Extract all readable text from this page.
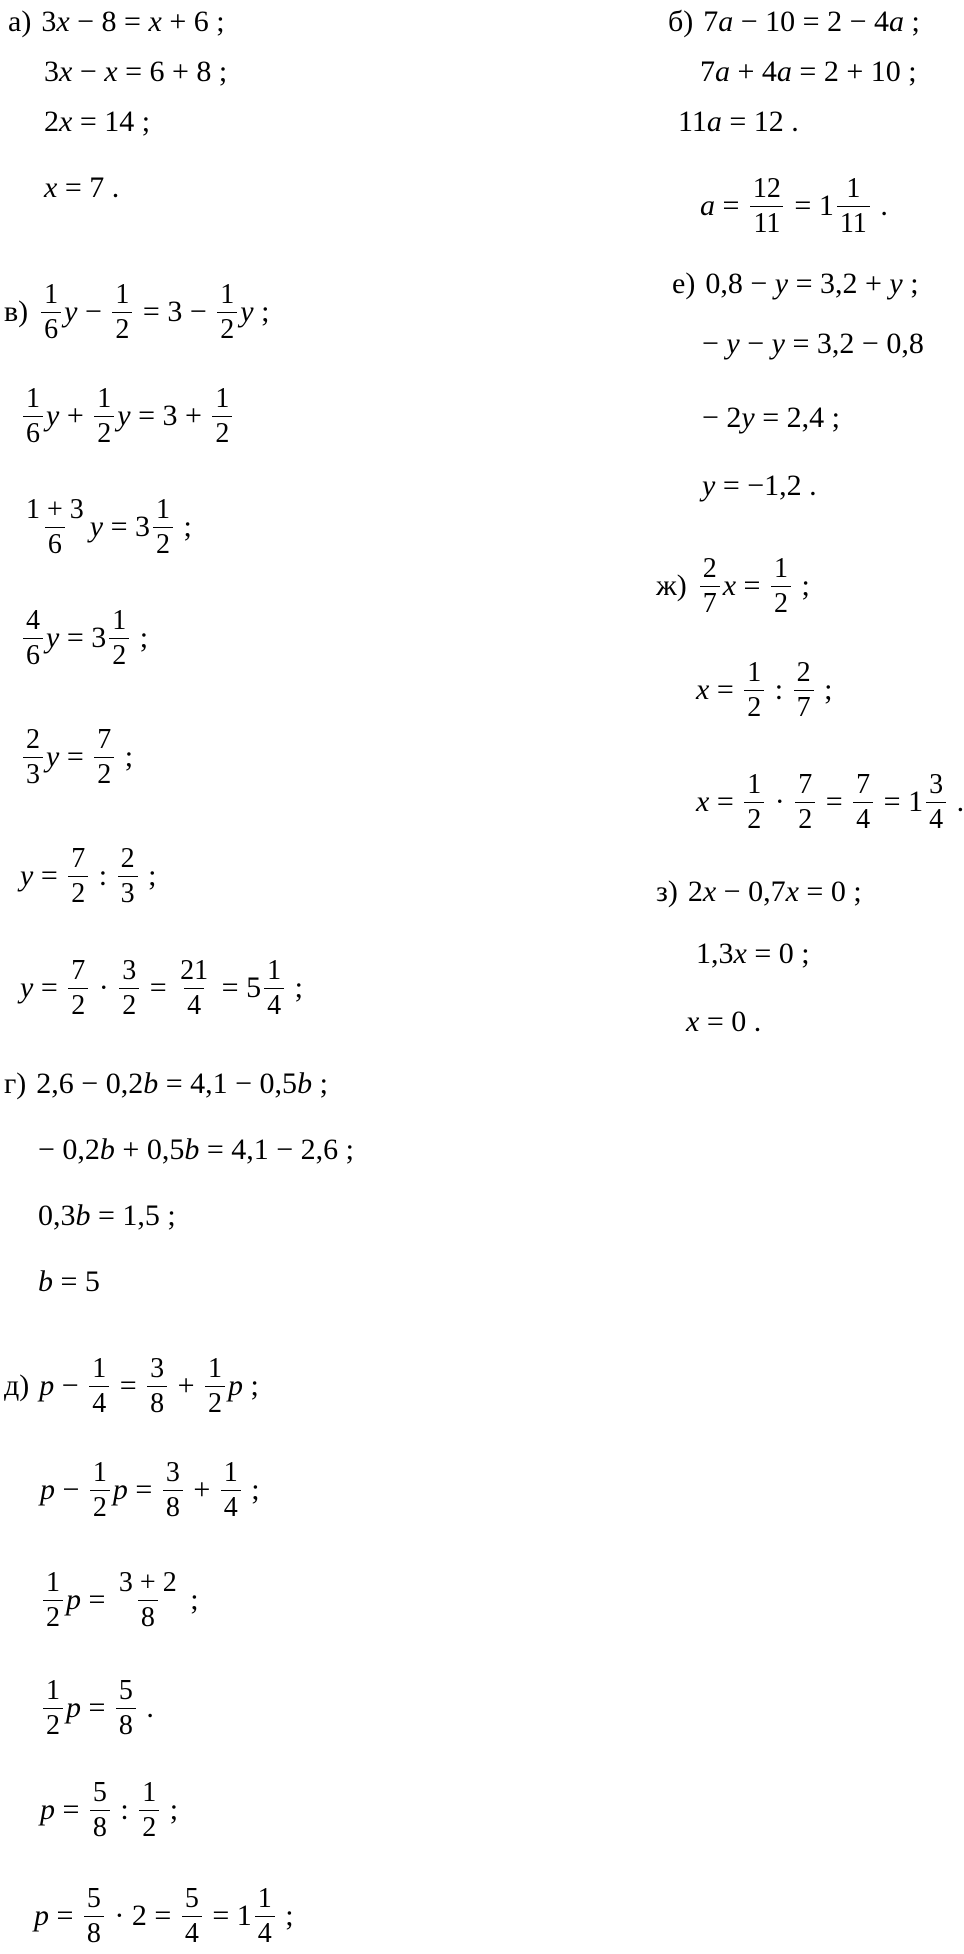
а) 3 x − 8 = x + 6 ;
3 x − x = 6 + 8 ;
2 x = 14 ;
x = 7 .
б) 7 a − 10 = 2 − 4 a ;
7 a + 4 a = 2 + 10 ;
11 a = 12 .
$a = \frac{12}{11} = 1 \frac{1}{11}$ .
$в) \frac{1}{6}$ $y - \frac{1}{2} = 3 - \frac{1}{2}$ y ;
$\frac{1}{6}$ $y + \frac{1}{2}$ $y = 3 + \frac{1}{2}$
$\frac{1 + 3}{6}$ $y = 3 \frac{1}{2}$ ;
$\frac{4}{6}$ $y = 3 \frac{1}{2}$ ;
$\frac{2}{3}$ $y = \frac{7}{2}$ ;
$y = \frac{7}{2}$ : $\frac{2}{3}$ ;
$y = \frac{7}{2} \cdot \frac{3}{2} = \frac{21}{4} = 5 \frac{1}{4}$ ;
е) 0,8 − y = 3,2 + y ;
− y − y = 3,2 − 0,8
− 2 y = 2,4 ;
y = −1,2 .
$ж) \frac{2}{7}$ $x = \frac{1}{2}$ ;
$x = \frac{1}{2}$ : $\frac{2}{7}$ ;
$x = \frac{1}{2} \cdot \frac{7}{2} = \frac{7}{4} = 1 \frac{3}{4}$ .
з) 2 x − 0,7 x = 0 ;
1,3 x = 0 ;
x = 0 .
г) 2,6 − 0,2 b = 4,1 − 0,5 b ;
− 0,2 b + 0,5 b = 4,1 − 2,6 ;
0,3 b = 1,5 ;
b = 5
д) $p - \frac{1}{4} = \frac{3}{8} + \frac{1}{2}$ p ;
$p - \frac{1}{2}$ $p = \frac{3}{8} + \frac{1}{4}$ ;
$\frac{1}{2}$ $p = \frac{3 + 2}{8}$ ;
$\frac{1}{2}$ $p = \frac{5}{8}$ .
$p = \frac{5}{8}$ : $\frac{1}{2}$ ;
$p = \frac{5}{8} \cdot 2 = \frac{5}{4} = 1 \frac{1}{4}$ ;
